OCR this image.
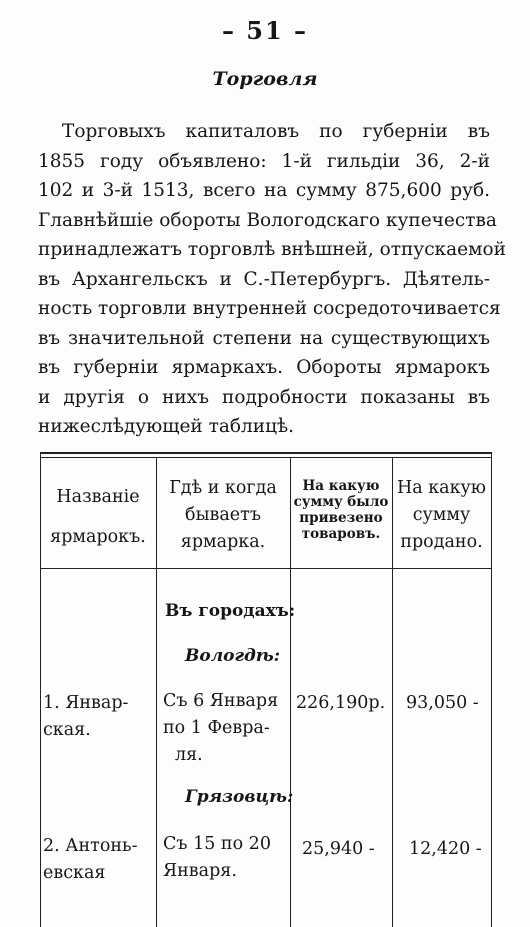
– 51 –
Торговля
Торговыхъ капиталовъ по губерніи въ
1855 году объявлено: 1-й гильдіи 36, 2-й
102 и 3-й 1513, всего на сумму 875,600 руб.
Главнѣйшіе обороты Вологодскаго купечества
принадлежатъ торговлѣ внѣшней, отпускаемой
въ Архангельскъ и С.-Петербургъ. Дѣятель-
ность торговли внутренней сосредоточивается
въ значительной степени на существующихъ
въ губерніи ярмаркахъ. Обороты ярмарокъ
и другія о нихъ подробности показаны въ
нижеслѣдующей таблицѣ.
Названіе
ярмарокъ.
Гдѣ и когда
бываетъ
ярмарка.
На какую
сумму было
привезено
товаровъ.
На какую
сумму
продано.
Въ городахъ:
Вологдѣ:
Грязовцѣ:
1. Январ-
ская.
Съ 6 Января
по 1 Февра-
ля.
226,190р. 93,050 -
2. Антонь-
евская
Съ 15 по 20
Января.
25,940 - 12,420 -
